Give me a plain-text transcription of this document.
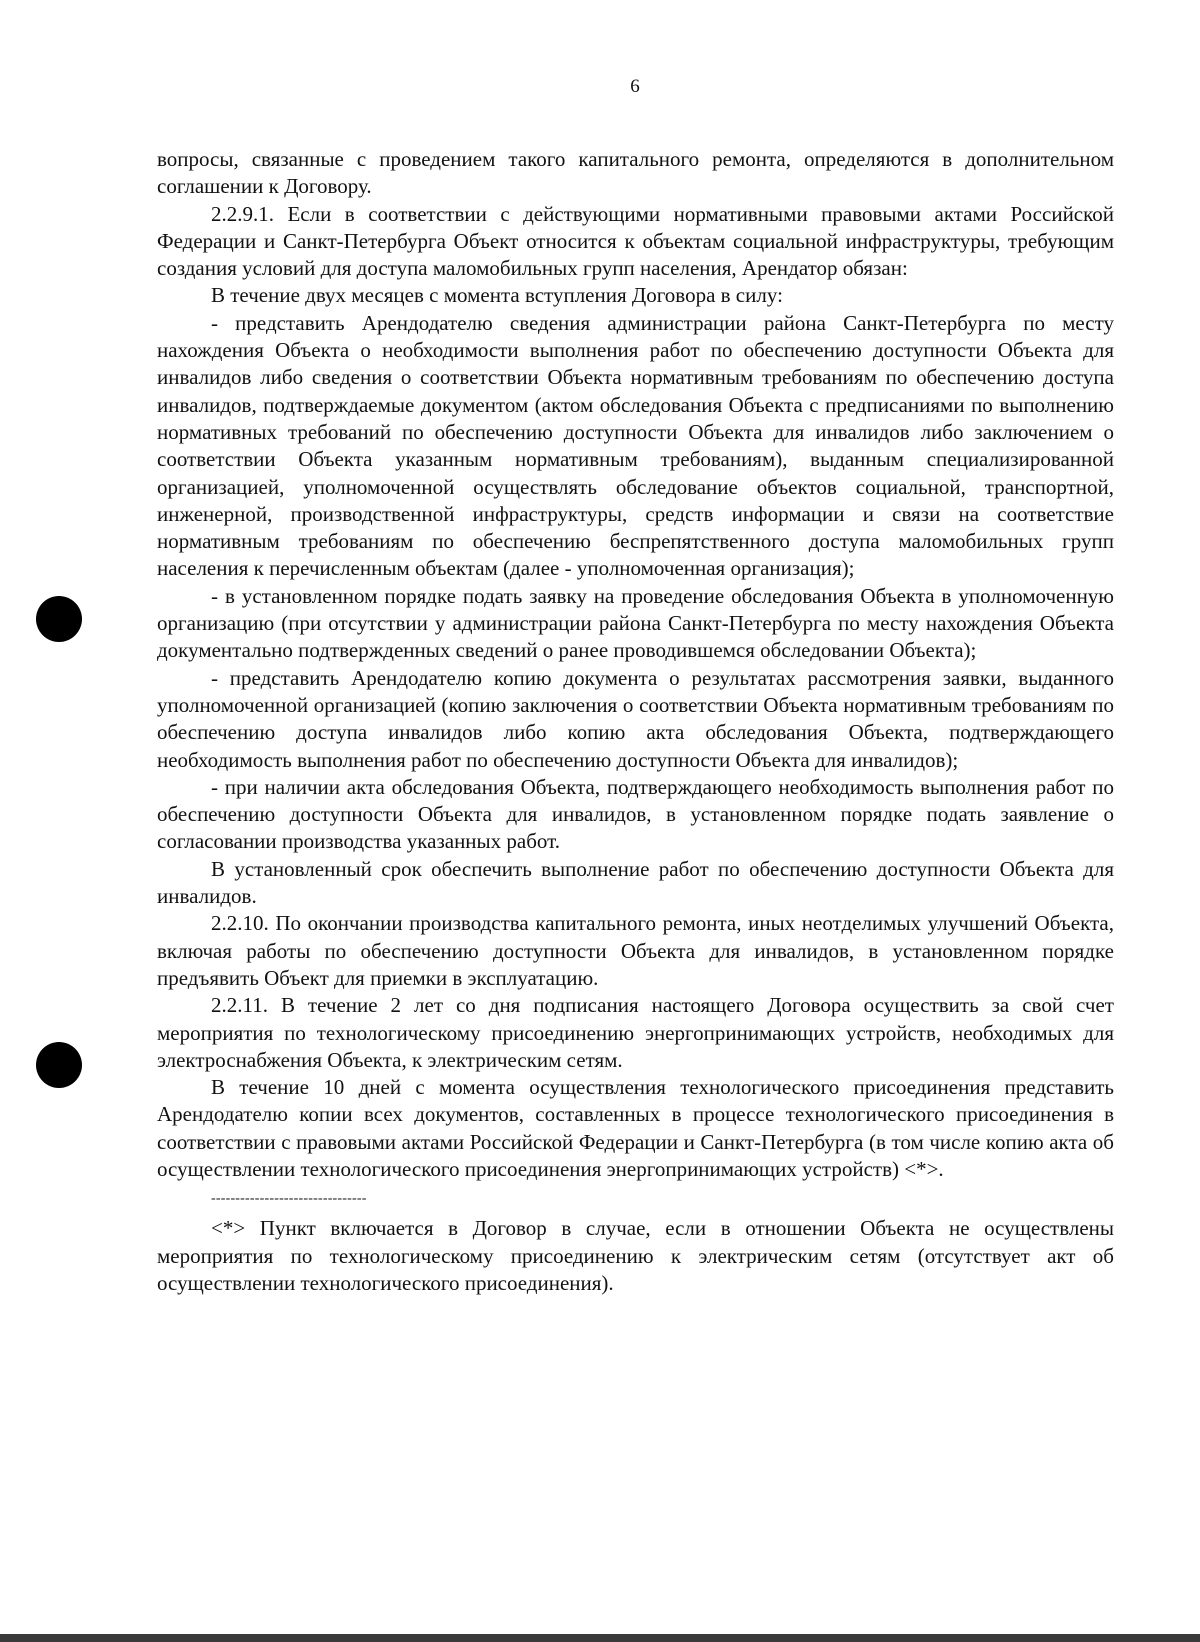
6

вопросы, связанные с проведением такого капитального ремонта, определяются в дополнительном соглашении к Договору.

2.2.9.1. Если в соответствии с действующими нормативными правовыми актами Российской Федерации и Санкт-Петербурга Объект относится к объектам социальной инфраструктуры, требующим создания условий для доступа маломобильных групп населения, Арендатор обязан:

В течение двух месяцев с момента вступления Договора в силу:

- представить Арендодателю сведения администрации района Санкт-Петербурга по месту нахождения Объекта о необходимости выполнения работ по обеспечению доступности Объекта для инвалидов либо сведения о соответствии Объекта нормативным требованиям по обеспечению доступа инвалидов, подтверждаемые документом (актом обследования Объекта с предписаниями по выполнению нормативных требований по обеспечению доступности Объекта для инвалидов либо заключением о соответствии Объекта указанным нормативным требованиям), выданным специализированной организацией, уполномоченной осуществлять обследование объектов социальной, транспортной, инженерной, производственной инфраструктуры, средств информации и связи на соответствие нормативным требованиям по обеспечению беспрепятственного доступа маломобильных групп населения к перечисленным объектам (далее - уполномоченная организация);

- в установленном порядке подать заявку на проведение обследования Объекта в уполномоченную организацию (при отсутствии у администрации района Санкт-Петербурга по месту нахождения Объекта документально подтвержденных сведений о ранее проводившемся обследовании Объекта);

- представить Арендодателю копию документа о результатах рассмотрения заявки, выданного уполномоченной организацией (копию заключения о соответствии Объекта нормативным требованиям по обеспечению доступа инвалидов либо копию акта обследования Объекта, подтверждающего необходимость выполнения работ по обеспечению доступности Объекта для инвалидов);

- при наличии акта обследования Объекта, подтверждающего необходимость выполнения работ по обеспечению доступности Объекта для инвалидов, в установленном порядке подать заявление о согласовании производства указанных работ.

В установленный срок обеспечить выполнение работ по обеспечению доступности Объекта для инвалидов.

2.2.10. По окончании производства капитального ремонта, иных неотделимых улучшений Объекта, включая работы по обеспечению доступности Объекта для инвалидов, в установленном порядке предъявить Объект для приемки в эксплуатацию.

2.2.11. В течение 2 лет со дня подписания настоящего Договора осуществить за свой счет мероприятия по технологическому присоединению энергопринимающих устройств, необходимых для электроснабжения Объекта, к электрическим сетям.

В течение 10 дней с момента осуществления технологического присоединения представить Арендодателю копии всех документов, составленных в процессе технологического присоединения в соответствии с правовыми актами Российской Федерации и Санкт-Петербурга (в том числе копию акта об осуществлении технологического присоединения энергопринимающих устройств) <*>.

--------------------------------

<*> Пункт включается в Договор в случае, если в отношении Объекта не осуществлены мероприятия по технологическому присоединению к электрическим сетям (отсутствует акт об осуществлении технологического присоединения).
